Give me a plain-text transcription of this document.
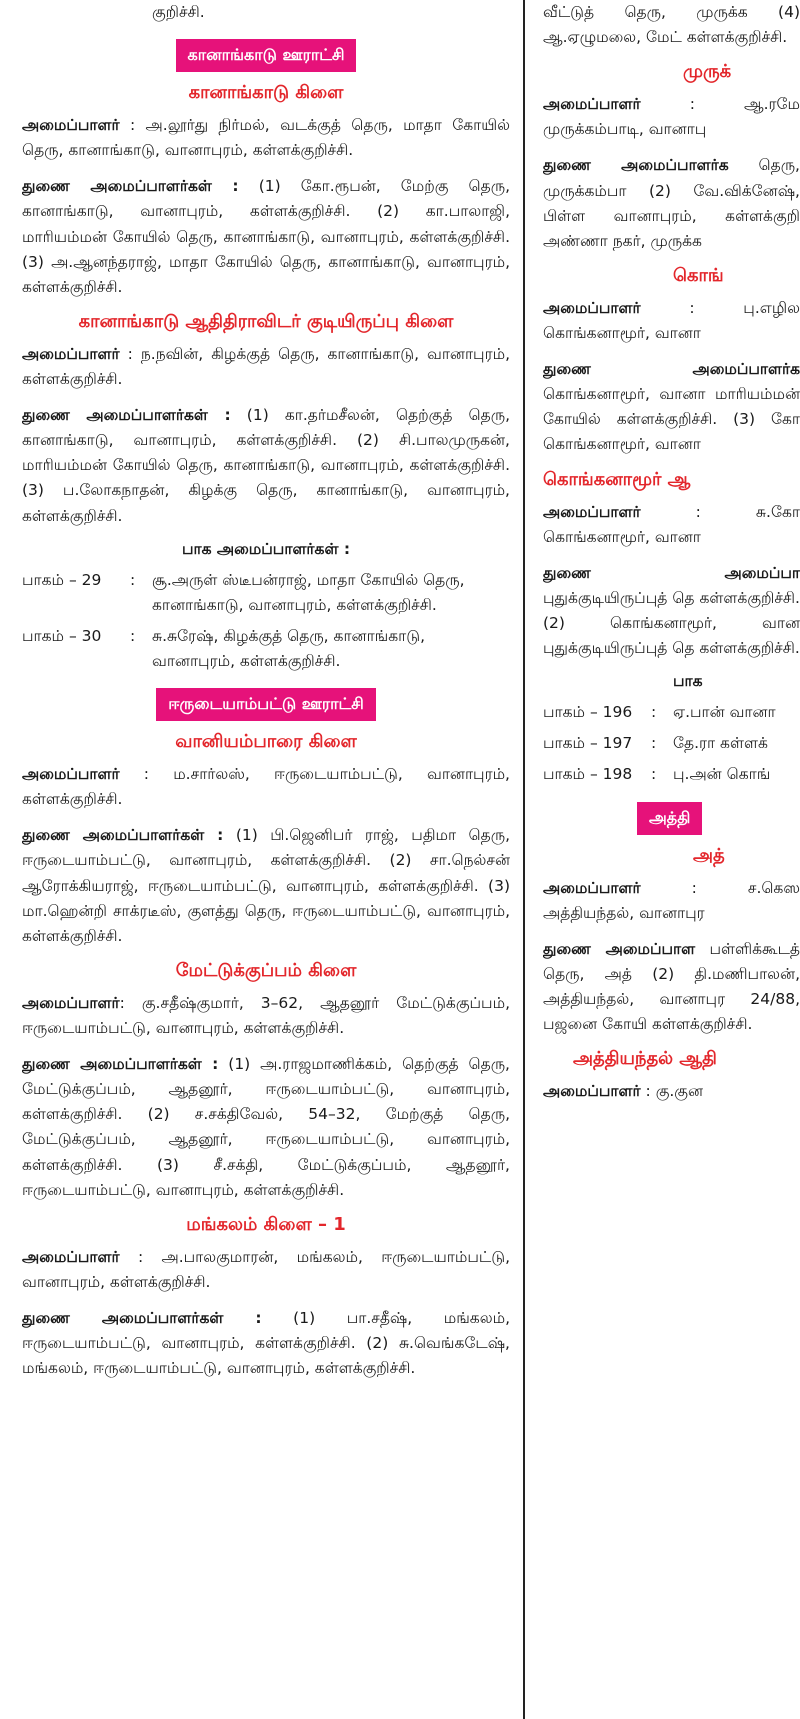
குறிச்சி.

கானாங்காடு ஊராட்சி
கானாங்காடு கிளை

அமைப்பாளர் : அ.லூர்து நிர்மல், வடக்குத் தெரு, மாதா கோயில் தெரு, கானாங்காடு, வானாபுரம், கள்ளக்குறிச்சி.

துணை அமைப்பாளர்கள் : (1) கோ.ரூபன், மேற்கு தெரு, கானாங்காடு, வானாபுரம், கள்ளக்குறிச்சி. (2) கா.பாலாஜி, மாரியம்மன் கோயில் தெரு, கானாங்காடு, வானாபுரம், கள்ளக்குறிச்சி. (3) அ.ஆனந்தராஜ், மாதா கோயில் தெரு, கானாங்காடு, வானாபுரம், கள்ளக்குறிச்சி.

கானாங்காடு ஆதிதிராவிடர் குடியிருப்பு கிளை

அமைப்பாளர் : ந.நவின், கிழக்குத் தெரு, கானாங்காடு, வானாபுரம், கள்ளக்குறிச்சி.

துணை அமைப்பாளர்கள் : (1) கா.தர்மசீலன், தெற்குத் தெரு, கானாங்காடு, வானாபுரம், கள்ளக்குறிச்சி. (2) சி.பாலமுருகன், மாரியம்மன் கோயில் தெரு, கானாங்காடு, வானாபுரம், கள்ளக்குறிச்சி. (3) ப.லோகநாதன், கிழக்கு தெரு, கானாங்காடு, வானாபுரம், கள்ளக்குறிச்சி.

பாக அமைப்பாளர்கள் :
பாகம் – 29	:	சூ.அருள் ஸ்டீபன்ராஜ், மாதா கோயில் தெரு, கானாங்காடு, வானாபுரம், கள்ளக்குறிச்சி.
பாகம் – 30	:	சு.சுரேஷ், கிழக்குத் தெரு, கானாங்காடு, வானாபுரம், கள்ளக்குறிச்சி.
ஈருடையாம்பட்டு ஊராட்சி
வானியம்பாரை கிளை

அமைப்பாளர் : ம.சார்லஸ், ஈருடையாம்பட்டு, வானாபுரம், கள்ளக்குறிச்சி.

துணை அமைப்பாளர்கள் : (1) பி.ஜெனிபர் ராஜ், பதிமா தெரு, ஈருடையாம்பட்டு, வானாபுரம், கள்ளக்குறிச்சி. (2) சா.நெல்சன் ஆரோக்கியராஜ், ஈருடையாம்பட்டு, வானாபுரம், கள்ளக்குறிச்சி. (3) மா.ஹென்றி சாக்ரடீஸ், குளத்து தெரு, ஈருடையாம்பட்டு, வானாபுரம், கள்ளக்குறிச்சி.

மேட்டுக்குப்பம் கிளை

அமைப்பாளர்: கு.சதீஷ்குமார், 3–62, ஆதனூர் மேட்டுக்குப்பம், ஈருடையாம்பட்டு, வானாபுரம், கள்ளக்குறிச்சி.

துணை அமைப்பாளர்கள் : (1) அ.ராஜமாணிக்கம், தெற்குத் தெரு, மேட்டுக்குப்பம், ஆதனூர், ஈருடையாம்பட்டு, வானாபுரம், கள்ளக்குறிச்சி. (2) ச.சக்திவேல், 54–32, மேற்குத் தெரு, மேட்டுக்குப்பம், ஆதனூர், ஈருடையாம்பட்டு, வானாபுரம், கள்ளக்குறிச்சி. (3) சீ.சக்தி, மேட்டுக்குப்பம், ஆதனூர், ஈருடையாம்பட்டு, வானாபுரம், கள்ளக்குறிச்சி.

மங்கலம் கிளை – 1

அமைப்பாளர் : அ.பாலகுமாரன், மங்கலம், ஈருடையாம்பட்டு, வானாபுரம், கள்ளக்குறிச்சி.

துணை அமைப்பாளர்கள் : (1) பா.சதீஷ், மங்கலம், ஈருடையாம்பட்டு, வானாபுரம், கள்ளக்குறிச்சி. (2) சு.வெங்கடேஷ், மங்கலம், ஈருடையாம்பட்டு, வானாபுரம், கள்ளக்குறிச்சி.

வீட்டுத் தெரு, முருக்க (4) ஆ.ஏழுமலை, மேட் கள்ளக்குறிச்சி.

முருக்

அமைப்பாளர் : ஆ.ரமே முருக்கம்பாடி, வானாபு

துணை அமைப்பாளர்க தெரு, முருக்கம்பா (2) வே.விக்னேஷ், பிள்ள வானாபுரம், கள்ளக்குறி அண்ணா நகர், முருக்க

கொங்

அமைப்பாளர் : பு.எழில கொங்கனாமூர், வானா

துணை அமைப்பாளர்க கொங்கனாமூர், வானா மாரியம்மன் கோயில் கள்ளக்குறிச்சி. (3) கோ கொங்கனாமூர், வானா

கொங்கனாமூர் ஆ

அமைப்பாளர் : சு.கோ கொங்கனாமூர், வானா

துணை அமைப்பா புதுக்குடியிருப்புத் தெ கள்ளக்குறிச்சி. (2) கொங்கனாமூர், வான புதுக்குடியிருப்புத் தெ கள்ளக்குறிச்சி.

பாக
பாகம் – 196	:	ஏ.பான் வானா
பாகம் – 197	:	தே.ரா கள்ளக்
பாகம் – 198	:	பு.அன் கொங்
அத்தி
அத்

அமைப்பாளர் : ச.கெஸ அத்தியந்தல், வானாபுர

துணை அமைப்பாள பள்ளிக்கூடத் தெரு, அத் (2) தி.மணிபாலன், அத்தியந்தல், வானாபுர 24/88, பஜனை கோயி கள்ளக்குறிச்சி.

அத்தியந்தல் ஆதி

அமைப்பாளர் : கு.குன
